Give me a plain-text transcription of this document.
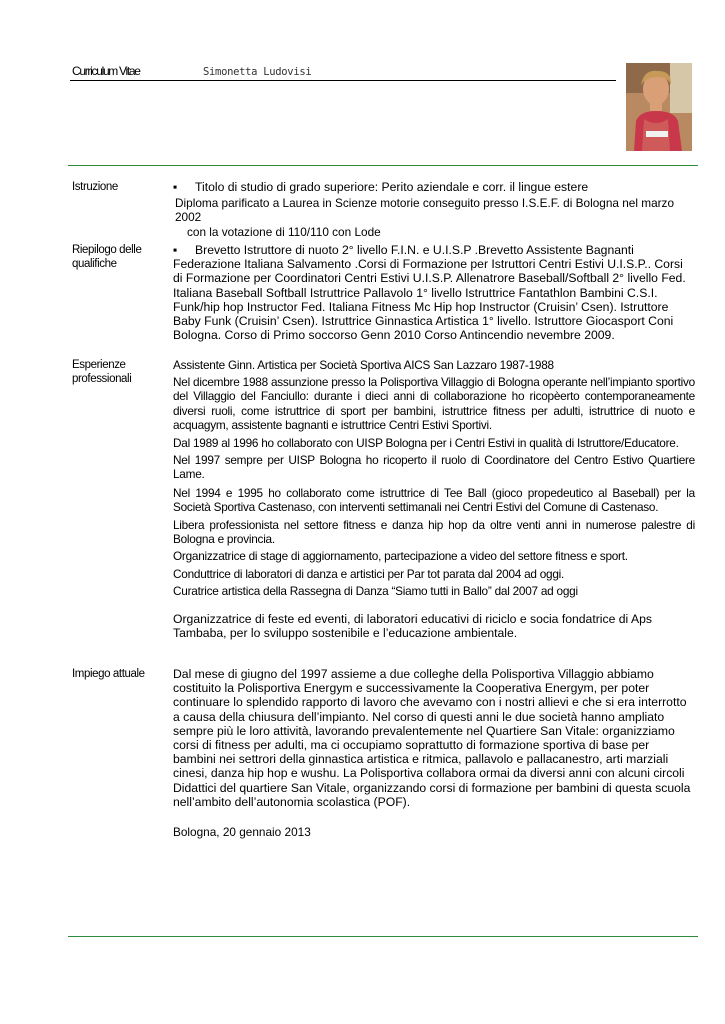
Curriculum Vitae	Simonetta Ludovisi
Istruzione	▪ Titolo di studio di grado superiore: Perito aziendale e corr. il lingue estere

Diploma parificato a Laurea in Scienze motorie conseguito presso I.S.E.F. di Bologna nel marzo 2002

con la votazione di 110/110 con Lode

Riepilogo delle
qualifiche

▪ Brevetto Istruttore di nuoto 2° livello F.I.N. e U.I.S.P .Brevetto Assistente Bagnanti

Federazione Italiana Salvamento .Corsi di Formazione per Istruttori Centri Estivi U.I.S.P.. Corsi di Formazione per Coordinatori Centri Estivi U.I.S.P. Allenatrore Baseball/Softball 2° livello Fed. Italiana Baseball Softball Istruttrice Pallavolo 1° livello Istruttrice Fantathlon Bambini C.S.I. Funk/hip hop Instructor Fed. Italiana Fitness Mc Hip hop Instructor (Cruisin’ Csen). Istruttore Baby Funk (Cruisin’ Csen). Istruttrice Ginnastica Artistica 1° livello. Istruttore Giocasport Coni Bologna. Corso di Primo soccorso Genn 2010 Corso Antincendio nevembre 2009.

Esperienze
professionali

Assistente Ginn. Artistica per Società Sportiva AICS San Lazzaro 1987-1988

Nel dicembre 1988 assunzione presso la Polisportiva Villaggio di Bologna operante nell’impianto sportivo del Villaggio del Fanciullo: durante i dieci anni di collaborazione ho ricopèerto contemporaneamente diversi ruoli, come istruttrice di sport per bambini, istruttrice fitness per adulti, istruttrice di nuoto e acquagym, assistente bagnanti e istruttrice Centri Estivi Sportivi.

Dal 1989 al 1996 ho collaborato con UISP Bologna per i Centri Estivi in qualità di Istruttore/Educatore.

Nel 1997 sempre per UISP Bologna ho ricoperto il ruolo di Coordinatore del Centro Estivo Quartiere Lame.

Nel 1994 e 1995 ho collaborato come istruttrice di Tee Ball (gioco propedeutico al Baseball) per la Società Sportiva Castenaso, con interventi settimanali nei Centri Estivi del Comune di Castenaso.

Libera professionista nel settore fitness e danza hip hop da oltre venti anni in numerose palestre di Bologna e provincia.

Organizzatrice di stage di aggiornamento, partecipazione a video del settore fitness e sport.

Conduttrice di laboratori di danza e artistici per Par tot parata dal 2004 ad oggi.

Curatrice artistica della Rassegna di Danza “Siamo tutti in Ballo” dal 2007 ad oggi

Organizzatrice di feste ed eventi, di laboratori educativi di riciclo e socia fondatrice di Aps Tambaba, per lo sviluppo sostenibile e l’educazione ambientale.

Impiego attuale Dal mese di giugno del 1997 assieme a due colleghe della Polisportiva Villaggio abbiamo costituito la Polisportiva Energym e successivamente la Cooperativa Energym, per poter continuare lo splendido rapporto di lavoro che avevamo con i nostri allievi e che si era interrotto a causa della chiusura dell’impianto. Nel corso di questi anni le due società hanno ampliato sempre più le loro attività, lavorando prevalentemente nel Quartiere San Vitale: organizziamo corsi di fitness per adulti, ma ci occupiamo soprattutto di formazione sportiva di base per bambini nei settrori della ginnastica artistica e ritmica, pallavolo e pallacanestro, arti marziali cinesi, danza hip hop e wushu. La Polisportiva collabora ormai da diversi anni con alcuni circoli Didattici del quartiere San Vitale, organizzando corsi di formazione per bambini di questa scuola nell’ambito dell’autonomia scolastica (POF).

Bologna, 20 gennaio 2013
